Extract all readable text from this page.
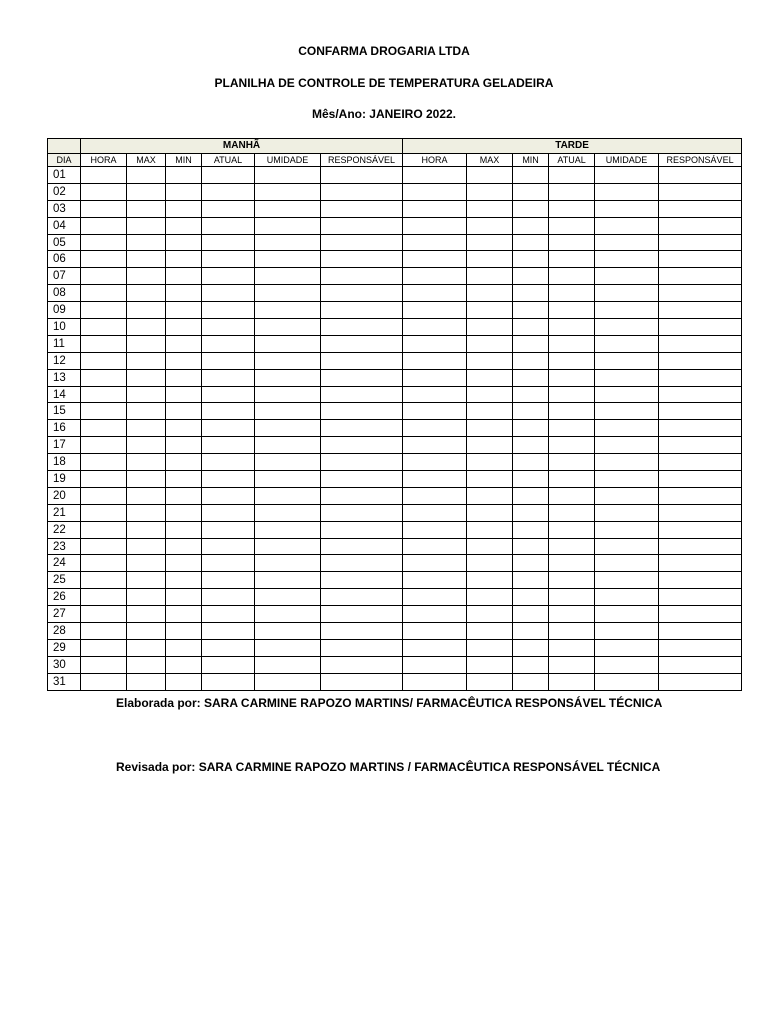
CONFARMA DROGARIA LTDA
PLANILHA DE CONTROLE DE TEMPERATURA GELADEIRA
Mês/Ano: JANEIRO 2022.
	MANHÃ						TARDE					
DIA	HORA	MAX	MIN	ATUAL	UMIDADE	RESPONSÁVEL	HORA	MAX	MIN	ATUAL	UMIDADE	RESPONSÁVEL
01												
02												
03												
04												
05												
06												
07												
08												
09												
10												
11												
12												
13												
14												
15												
16												
17												
18												
19												
20												
21												
22												
23												
24												
25												
26												
27												
28												
29												
30												
31												
Elaborada por: SARA CARMINE RAPOZO MARTINS/ FARMACÊUTICA RESPONSÁVEL TÉCNICA
Revisada por: SARA CARMINE RAPOZO MARTINS / FARMACÊUTICA RESPONSÁVEL TÉCNICA
